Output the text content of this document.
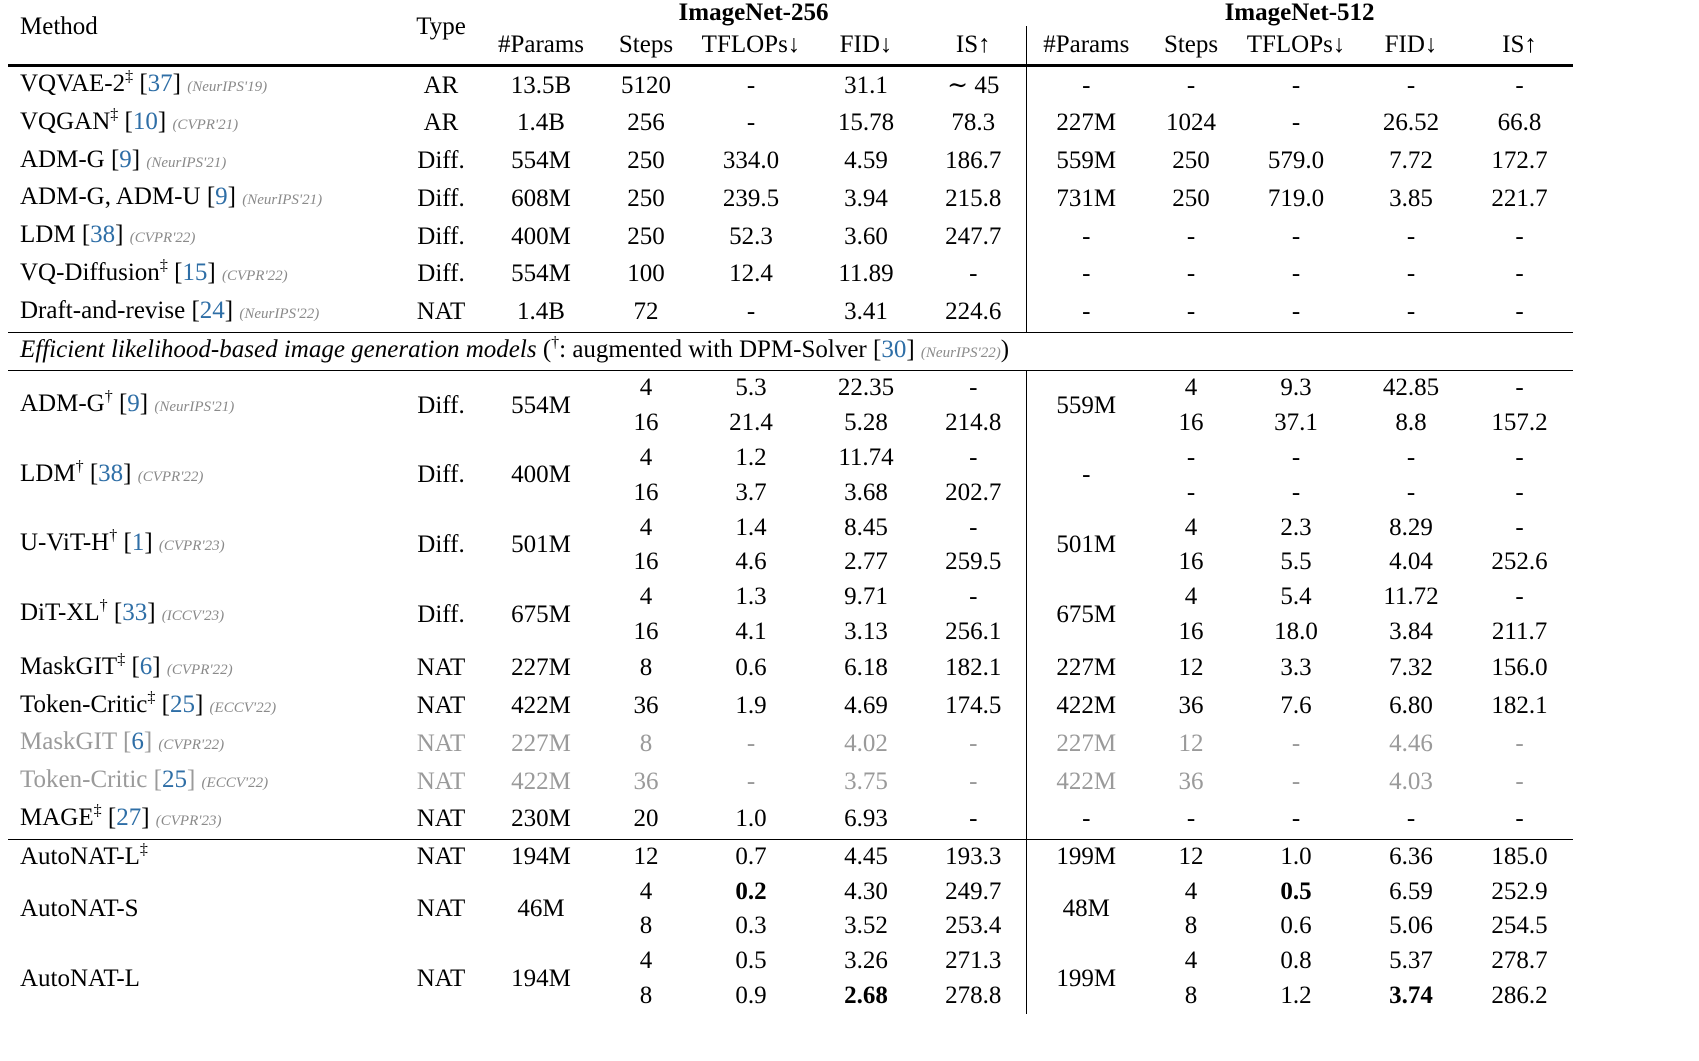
Method	Type	ImageNet-256					ImageNet-512				
		#Params	Steps	TFLOPs↓	FID↓	IS↑	#Params	Steps	TFLOPs↓	FID↓	IS↑
VQVAE-2‡ [37] (NeurIPS'19)	AR	13.5B	5120	-	31.1	∼ 45	-	-	-	-	-
VQGAN‡ [10] (CVPR'21)	AR	1.4B	256	-	15.78	78.3	227M	1024	-	26.52	66.8
ADM-G [9] (NeurIPS'21)	Diff.	554M	250	334.0	4.59	186.7	559M	250	579.0	7.72	172.7
ADM-G, ADM-U [9] (NeurIPS'21)	Diff.	608M	250	239.5	3.94	215.8	731M	250	719.0	3.85	221.7
LDM [38] (CVPR'22)	Diff.	400M	250	52.3	3.60	247.7	-	-	-	-	-
VQ-Diffusion‡ [15] (CVPR'22)	Diff.	554M	100	12.4	11.89	-	-	-	-	-	-
Draft-and-revise [24] (NeurIPS'22)	NAT	1.4B	72	-	3.41	224.6	-	-	-	-	-
Efficient likelihood-based image generation models (†: augmented with DPM-Solver [30] (NeurIPS'22))											
ADM-G† [9] (NeurIPS'21)	Diff.	554M	4	5.3	22.35	-	559M	4	9.3	42.85	-
			16	21.4	5.28	214.8		16	37.1	8.8	157.2
LDM† [38] (CVPR'22)	Diff.	400M	4	1.2	11.74	-	-	-	-	-	-
			16	3.7	3.68	202.7		-	-	-	-
U-ViT-H† [1] (CVPR'23)	Diff.	501M	4	1.4	8.45	-	501M	4	2.3	8.29	-
			16	4.6	2.77	259.5		16	5.5	4.04	252.6
DiT-XL† [33] (ICCV'23)	Diff.	675M	4	1.3	9.71	-	675M	4	5.4	11.72	-
			16	4.1	3.13	256.1		16	18.0	3.84	211.7
MaskGIT‡ [6] (CVPR'22)	NAT	227M	8	0.6	6.18	182.1	227M	12	3.3	7.32	156.0
Token-Critic‡ [25] (ECCV'22)	NAT	422M	36	1.9	4.69	174.5	422M	36	7.6	6.80	182.1
MaskGIT [6] (CVPR'22)	NAT	227M	8	-	4.02	-	227M	12	-	4.46	-
Token-Critic [25] (ECCV'22)	NAT	422M	36	-	3.75	-	422M	36	-	4.03	-
MAGE‡ [27] (CVPR'23)	NAT	230M	20	1.0	6.93	-	-	-	-	-	-
AutoNAT-L‡	NAT	194M	12	0.7	4.45	193.3	199M	12	1.0	6.36	185.0
AutoNAT-S	NAT	46M	4	0.2	4.30	249.7	48M	4	0.5	6.59	252.9
			8	0.3	3.52	253.4		8	0.6	5.06	254.5
AutoNAT-L	NAT	194M	4	0.5	3.26	271.3	199M	4	0.8	5.37	278.7
			8	0.9	2.68	278.8		8	1.2	3.74	286.2
